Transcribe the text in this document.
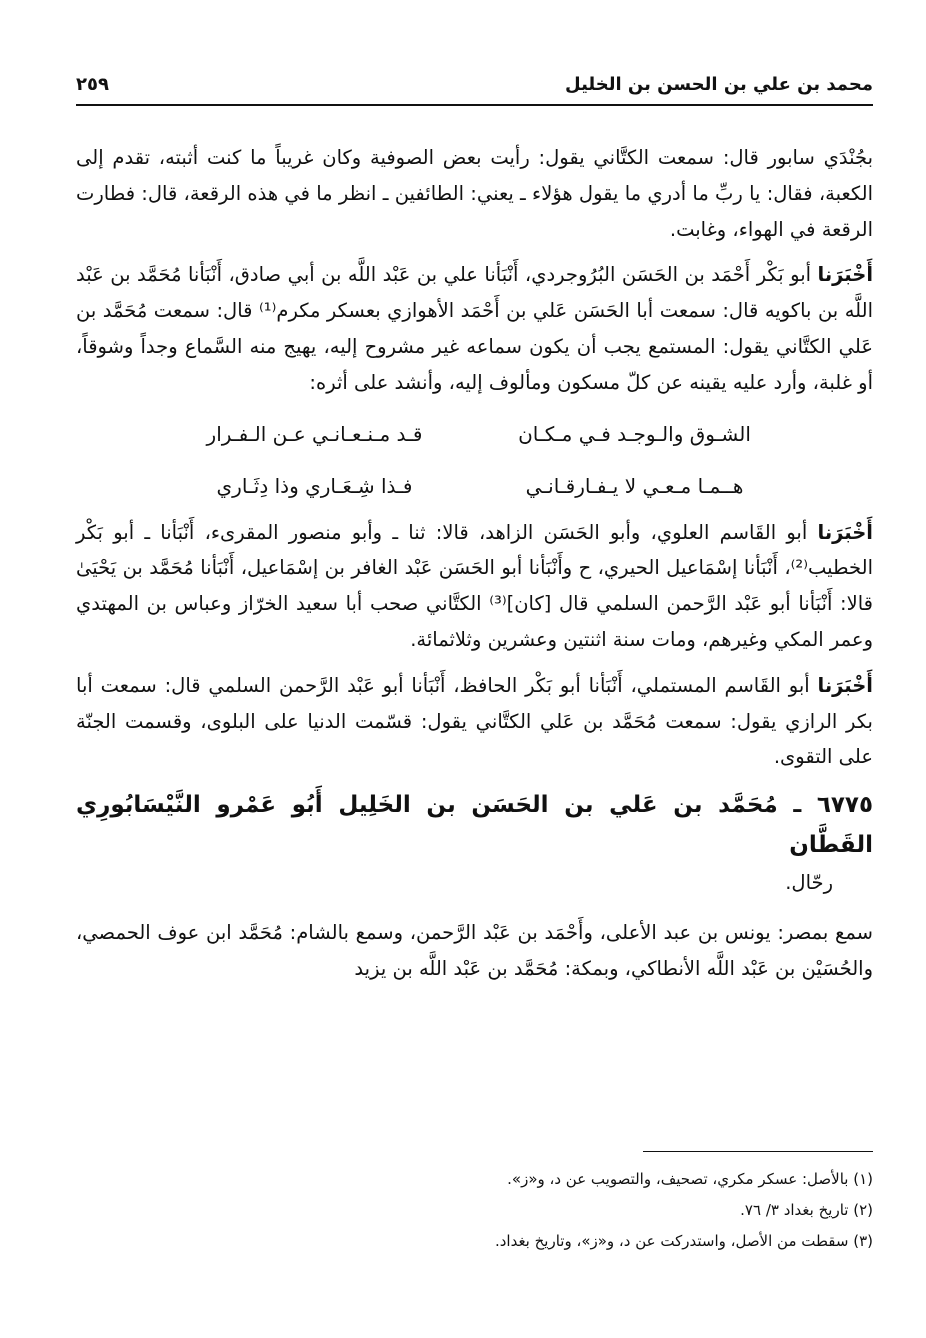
محمد بن علي بن الحسن بن الخليل
٢٥٩

بجُنْدَي سابور قال: سمعت الكتَّاني يقول: رأيت بعض الصوفية وكان غريباً ما كنت أثبته، تقدم إلى الكعبة، فقال: يا ربِّ ما أدري ما يقول هؤلاء ـ يعني: الطائفين ـ انظر ما في هذه الرقعة، قال: فطارت الرقعة في الهواء، وغابت.

أَخْبَرَنا أبو بَكْر أَحْمَد بن الحَسَن البُرُوجردي، أَنْبَأنا علي بن عَبْد اللَّه بن أبي صادق، أَنْبَأنا مُحَمَّد بن عَبْد اللَّه بن باكويه قال: سمعت أبا الحَسَن عَلي بن أَحْمَد الأهوازي بعسكر مكرم⁽¹⁾ قال: سمعت مُحَمَّد بن عَلي الكتَّاني يقول: المستمع يجب أن يكون سماعه غير مشروح إليه، يهيج منه السَّماع وجداً وشوقاً، أو غلبة، وأرد عليه يقينه عن كلّ مسكون ومألوف إليه، وأنشد على أثره:

الشـوق والـوجـد فـي مـكـان
قـد مـنـعـانـي عـن الـفـرار
هــمـا مـعـي لا يـفـارقـانـي
فـذا شِـعَـاري وذا دِثَـاري

أَخْبَرَنا أبو القَاسم العلوي، وأبو الحَسَن الزاهد، قالا: ثنا ـ وأبو منصور المقرىء، أَنْبَأنا ـ أبو بَكْر الخطيب⁽²⁾، أَنْبَأنا إسْمَاعيل الحيري، ح وأَنْبَأنا أبو الحَسَن عَبْد الغافر بن إسْمَاعيل، أَنْبَأنا مُحَمَّد بن يَحْيَىٰ قالا: أَنْبَأنا أبو عَبْد الرَّحمن السلمي قال [كان]⁽³⁾ الكتَّاني صحب أبا سعيد الخرّاز وعباس بن المهتدي وعمر المكي وغيرهم، ومات سنة اثنتين وعشرين وثلاثمائة.

أَخْبَرَنا أبو القَاسم المستملي، أَنْبَأنا أبو بَكْر الحافظ، أَنْبَأنا أبو عَبْد الرَّحمن السلمي قال: سمعت أبا بكر الرازي يقول: سمعت مُحَمَّد بن عَلي الكتَّاني يقول: قسّمت الدنيا على البلوى، وقسمت الجنّة على التقوى.

٦٧٧٥ ـ مُحَمَّد بن عَلي بن الحَسَن بن الخَلِيل أَبُو عَمْرو النَّيْسَابُورِي القَطَّان
رحّال.

سمع بمصر: يونس بن عبد الأعلى، وأَحْمَد بن عَبْد الرَّحمن، وسمع بالشام: مُحَمَّد ابن عوف الحمصي، والحُسَيْن بن عَبْد اللَّه الأنطاكي، وبمكة: مُحَمَّد بن عَبْد اللَّه بن يزيد

(١) بالأصل: عسكر مكري، تصحيف، والتصويب عن د، و«ز».
(٢) تاريخ بغداد ٣/ ٧٦.
(٣) سقطت من الأصل، واستدركت عن د، و«ز»، وتاريخ بغداد.
